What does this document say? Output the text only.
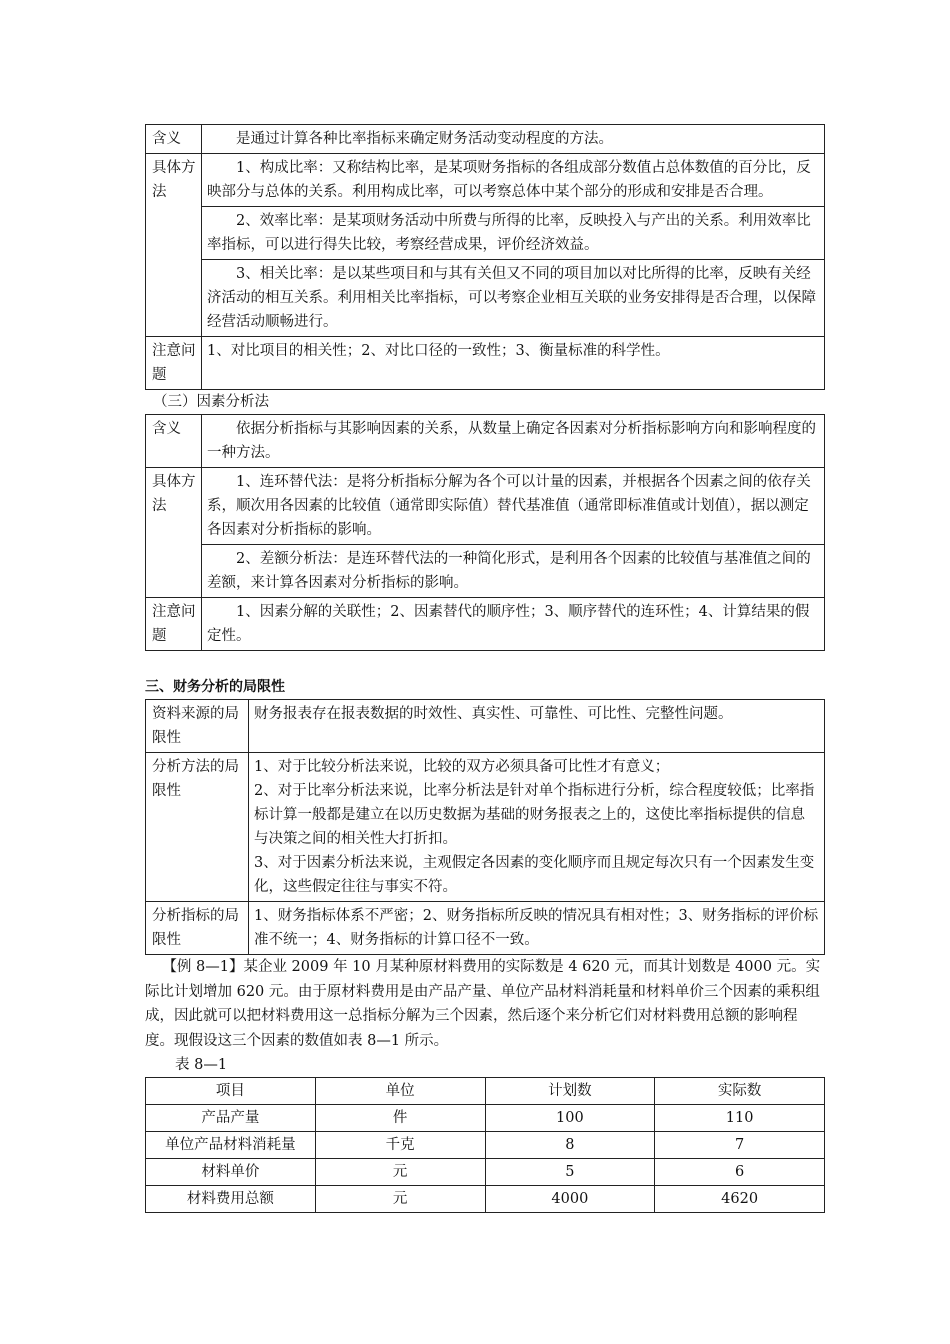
含义	是通过计算各种比率指标来确定财务活动变动程度的方法。

具体方法	1、构成比率：又称结构比率，是某项财务指标的各组成部分数值占总体数值的百分比，反映部分与总体的关系。利用构成比率，可以考察总体中某个部分的形成和安排是否合理。

	2、效率比率：是某项财务活动中所费与所得的比率，反映投入与产出的关系。利用效率比率指标，可以进行得失比较，考察经营成果，评价经济效益。

	3、相关比率：是以某些项目和与其有关但又不同的项目加以对比所得的比率，反映有关经济活动的相互关系。利用相关比率指标，可以考察企业相互关联的业务安排得是否合理，以保障经营活动顺畅进行。

注意问题	1、对比项目的相关性；2、对比口径的一致性；3、衡量标准的科学性。

（三）因素分析法

含义	依据分析指标与其影响因素的关系，从数量上确定各因素对分析指标影响方向和影响程度的一种方法。

具体方法	1、连环替代法：是将分析指标分解为各个可以计量的因素，并根据各个因素之间的依存关系，顺次用各因素的比较值（通常即实际值）替代基准值（通常即标准值或计划值），据以测定各因素对分析指标的影响。

	2、差额分析法：是连环替代法的一种简化形式，是利用各个因素的比较值与基准值之间的差额，来计算各因素对分析指标的影响。

注意问题	1、因素分解的关联性；2、因素替代的顺序性；3、顺序替代的连环性；4、计算结果的假定性。

三、财务分析的局限性

资料来源的局限性	财务报表存在报表数据的时效性、真实性、可靠性、可比性、完整性问题。

分析方法的局限性	1、对于比较分析法来说，比较的双方必须具备可比性才有意义；

2、对于比率分析法来说，比率分析法是针对单个指标进行分析，综合程度较低；比率指标计算一般都是建立在以历史数据为基础的财务报表之上的，这使比率指标提供的信息与决策之间的相关性大打折扣。

3、对于因素分析法来说，主观假定各因素的变化顺序而且规定每次只有一个因素发生变化，这些假定往往与事实不符。

分析指标的局限性	1、财务指标体系不严密；2、财务指标所反映的情况具有相对性；3、财务指标的评价标准不统一；4、财务指标的计算口径不一致。

【例 8—1】某企业 2009 年 10 月某种原材料费用的实际数是 4 620 元，而其计划数是 4000 元。实际比计划增加 620 元。由于原材料费用是由产品产量、单位产品材料消耗量和材料单价三个因素的乘积组成，因此就可以把材料费用这一总指标分解为三个因素，然后逐个来分析它们对材料费用总额的影响程度。现假设这三个因素的数值如表 8—1 所示。

表 8—1

项目	单位	计划数	实际数
产品产量	件	100	110
单位产品材料消耗量	千克	8	7
材料单价	元	5	6
材料费用总额	元	4000	4620
